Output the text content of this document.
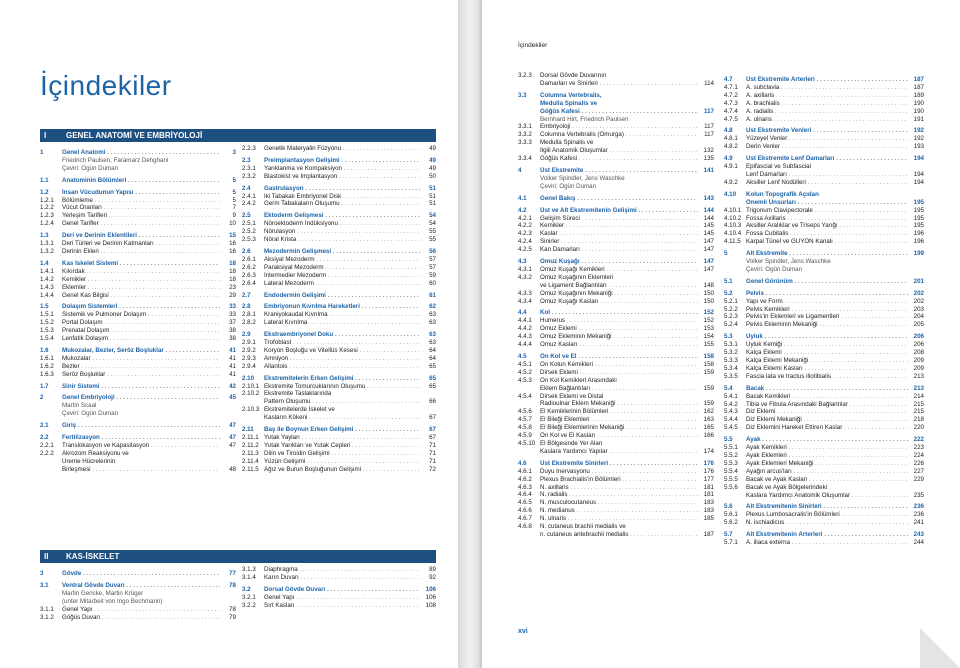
İçindekiler
I GENEL ANATOMİ VE EMBRİYOLOJİ
1	Genel Anatomi . . .	3
Friedrich Paulsen, Faramarz Dehghani
Çeviri: Ogün Duman
1.1	Anatominin Bölümleri . . .	5
1.2	İnsan Vücudunun Yapısı . . .	5
1.2.1	Bölümleme . . .	5
1.2.2	Vücut Oranları . . .	7
1.2.3	Yerleşim Tarifleri . . .	9
1.2.4	Genel Tarifler . . .	10
1.3	Deri ve Derinin Eklentileri . . .	15
1.3.1	Deri Türleri ve Derinin Katmanları . . .	16
1.3.2	Derinin Ekleri . . .	16
1.4	Kas İskelet Sistemi . . .	18
1.4.1	Kıkırdak . . .	18
1.4.2	Kemikler . . .	18
1.4.3	Eklemler . . .	23
1.4.4	Genel Kas Bilgisi . . .	29
1.5	Dolaşım Sistemleri . . .	33
1.5.1	Sistemik ve Pulmoner Dolaşım . . .	33
1.5.2	Portal Dolaşım . . .	37
1.5.3	Prenatal Dolaşım . . .	38
1.5.4	Lenfatik Dolaşım . . .	38
1.6	Mukozalar, Bezler, Seröz Boşluklar . . .	41
1.6.1	Mukozalar . . .	41
1.6.2	Bezler . . .	41
1.6.3	Seröz Boşluklar . . .	41
1.7	Sinir Sistemi . . .	42
2	Genel Embriyoloji . . .	45
Martin Scaal
Çeviri: Ogün Duman
2.1	Giriş . . .	47
2.2	Fertilizasyon . . .	47
2.2.1	Translokasyon ve Kapasitasyon . . .	47
2.2.2	Akrozom Reaksiyonu ve
Üreme Hücrelerinin
Birleşmesi . . .	48
2.2.3	Genetik Materyalin Füzyonu . . .	49
2.3	Preimplantasyon Gelişimi . . .	49
2.3.1	Yarıklanma ve Kompaksiyon . . .	49
2.3.2	Blastokist ve İmplantasyon . . .	50
2.4	Gastrulasyon . . .	51
2.4.1	İki Tabakalı Embriyonel Disk . . .	51
2.4.2	Germ Tabakaların Oluşumu . . .	51
2.5	Ektoderm Gelişmesi . . .	54
2.5.1	Nöroektoderm İndüksiyonu . . .	54
2.5.2	Nörulasyon . . .	55
2.5.3	Nöral Krista . . .	55
2.6	Mezodermin Gelişmesi . . .	56
2.6.1	Aksiyal Mezoderm . . .	57
2.6.2	Paraksiyal Mezoderm . . .	57
2.6.3	İntermedier Mezoderm . . .	59
2.6.4	Lateral Mezoderm . . .	60
2.7	Endodermin Gelişimi . . .	61
2.8	Embriyonun Kıvrılma Hareketleri . . .	62
2.8.1	Kraniyokaudal Kıvrılma . . .	63
2.8.2	Lateral Kıvrılma . . .	63
2.9	Ekstraembriyonel Doku . . .	63
2.9.1	Trofoblast . . .	63
2.9.2	Koryon Boşluğu ve Vitellüs Kesesi . . .	64
2.9.3	Amniyon . . .	64
2.9.4	Allantois . . .	65
2.10	Ekstremitelerin Erken Gelişimi . . .	65
2.10.1 Ekstremite Tomurcuklarının Oluşumu . . .	65
2.10.2 Ekstremite Taslaklarında
Pattern Oluşumu . . .	66
2.10.3 Ekstremitelerde İskelet ve
Kasların Kökeni . . .	67
2.11	Baş ile Boynun Erken Gelişimi . . .	67
2.11.1 Yutak Yayları . . .	67
2.11.2 Yutak Yarıkları ve Yutak Cepleri . . .	71
2.11.3 Dilin ve Tiroidin Gelişimi . . .	71
2.11.4 Yüzün Gelişimi . . .	71
2.11.5 Ağız ve Burun Boşluğunun Gelişimi . . .	72
II KAS-İSKELET
3	Gövde . . .	77
3.1	Ventral Gövde Duvarı . . .	78
Martin Gericke, Martin Krüger
(unter Mitarbeit von Ingo Bechmann)
3.1.1	Genel Yapı . . .	78
3.1.2	Göğüs Duvarı . . .	79
3.1.3	Diaphragma . . .	89
3.1.4	Karın Duvarı . . .	92
3.2	Dorsal Gövde Duvarı . . .	106
3.2.1	Genel Yapı . . .	106
3.2.2	Sırt Kasları . . .	108
İçindekiler
3.2.3	Dorsal Gövde Duvarının
Damarları ve Sinirleri . . .	114
3.3	Columna Vertebralis,
Medulla Spinalis ve
Göğüs Kafesi . . .	117
Bernhard Hirt, Friedrich Paulsen
3.3.1	Embriyoloji . . .	117
3.3.2	Columna Vertebralis (Omurga) . . .	117
3.3.3	Medulla Spinalis ve
İlgili Anatomik Oluşumlar . . .	132
3.3.4	Göğüs Kafesi . . .	135
4	Üst Ekstremite . . .	141
Volker Spindler, Jens Waschke
Çeviri: Ogün Duman
4.1	Genel Bakış . . .	143
4.2	Üst ve Alt Ekstremitenin Gelişimi . . .	144
4.2.1	Gelişim Süreci . . .	144
4.2.2	Kemikler . . .	145
4.2.3	Kaslar . . .	145
4.2.4	Sinirler . . .	147
4.2.5	Kan Damarları . . .	147
4.3	Omuz Kuşağı . . .	147
4.3.1	Omuz Kuşağı Kemikleri . . .	147
4.3.2	Omuz Kuşağının Eklemleri
ve Ligament Bağlantıları . . .	148
4.3.3	Omuz Kuşağının Mekaniği . . .	150
4.3.4	Omuz Kuşağı Kasları . . .	150
4.4	Kol . . .	152
4.4.1	Humerus . . .	152
4.4.2	Omuz Eklemi . . .	153
4.4.3	Omuz Ekleminin Mekaniği . . .	154
4.4.4	Omuz Kasları . . .	155
4.5	Ön Kol ve El . . .	158
4.5.1	Ön Kolun Kemikleri . . .	158
4.5.2	Dirsek Eklemi . . .	159
4.5.3	Ön Kol Kemikleri Arasındaki
Eklem Bağlantıları . . .	159
4.5.4	Dirsek Eklemi ve Distal
Radioulnar Eklem Mekaniği . . .	159
4.5.6	El Kemiklerinin Bölümleri . . .	162
4.5.7	El Bileği Eklemleri . . .	163
4.5.8	El Bileği Eklemlerinin Mekaniği . . .	165
4.5.9	Ön Kol ve El Kasları . . .	166
4.5.10 El Bölgesinde Yer Alan
Kaslara Yardımcı Yapılar . . .	174
4.6	Üst Ekstremite Sinirleri . . .	176
4.6.1	Duyu İnervasyonu . . .	176
4.6.2	Plexus Brachialis'in Bölümleri . . .	177
4.6.3	N. axillaris . . .	181
4.6.4	N. radialis . . .	181
4.6.5	N. musculocutaneus . . .	183
4.6.6	N. medianus . . .	183
4.6.7	N. ulnaris . . .	185
4.6.8	N. cutaneus brachii medialis ve
n. cutaneus antebrachii medialis . . .	187
4.7	Üst Ekstremite Arterleri . . .	187
4.7.1	A. subclavia . . .	187
4.7.2	A. axillaris . . .	189
4.7.3	A. brachialis . . .	190
4.7.4	A. radialis . . .	190
4.7.5	A. ulnaris . . .	191
4.8	Üst Ekstremite Venleri . . .	192
4.8.1	Yüzeyel Venler . . .	192
4.8.2	Derin Venler . . .	193
4.9	Üst Ekstremite Lenf Damarları . . .	194
4.9.1	Epifascial ve Subfascial
Lenf Damarları . . .	194
4.9.2	Aksiller Lenf Nodülleri . . .	194
4.10	Kolun Topografik Açıdan
Önemli Unsurları . . .	195
4.10.1 Trigonum Clavipectorale . . .	195
4.10.2 Fossa Axillaris . . .	195
4.10.3 Aksiller Aralıklar ve Triseps Yarığı . . .	195
4.10.4 Fossa Cubitalis . . .	196
4.11.5 Karpal Tünel ve GUYON Kanalı . . .	196
5	Alt Ekstremite . . .	199
Volker Spindler, Jens Waschke
Çeviri: Ogün Duman
5.1	Genel Görünüm . . .	201
5.2	Pelvis . . .	202
5.2.1	Yapı ve Form . . .	202
5.2.2	Pelvis Kemikleri . . .	203
5.2.3	Pelvis'in Eklemleri ve Ligamentleri . . .	204
5.2.4	Pelvis Ekleminin Mekaniği . . .	205
5.3	Uyluk . . .	206
5.3.1	Uyluk Kemiği . . .	206
5.3.2	Kalça Eklemi . . .	208
5.3.3	Kalça Eklemi Mekaniği . . .	209
5.3.4	Kalça Eklemi Kasları . . .	209
5.3.5	Fascia lata ve tractus iliotibialis . . .	213
5.4	Bacak . . .	213
5.4.1	Bacak Kemikleri . . .	214
5.4.2	Tibia ve Fibula Arasındaki Bağlantılar . . .	215
5.4.3	Diz Eklemi . . .	215
5.4.4	Diz Eklemi Mekaniği . . .	218
5.4.5	Diz Eklemini Hareket Ettiren Kaslar . . .	220
5.5	Ayak . . .	222
5.5.1	Ayak Kemikleri . . .	223
5.5.2	Ayak Eklemleri . . .	224
5.5.3	Ayak Eklemleri Mekaniği . . .	226
5.5.4	Ayağın arcus'ları . . .	227
5.5.5	Bacak ve Ayak Kasları . . .	229
5.5.6	Bacak ve Ayak Bölgelerindeki
Kaslara Yardımcı Anatomik Oluşumlar . . .	235
5.6	Alt Ekstremitenin Sinirleri . . .	236
5.6.1	Plexus Lumbosacralis'in Bölümleri . . .	236
5.6.2	N. ischiadicus . . .	241
5.7	Alt Ekstremitenin Arterleri . . .	243
5.7.1	A. iliaca externa . . .	244
xvi
